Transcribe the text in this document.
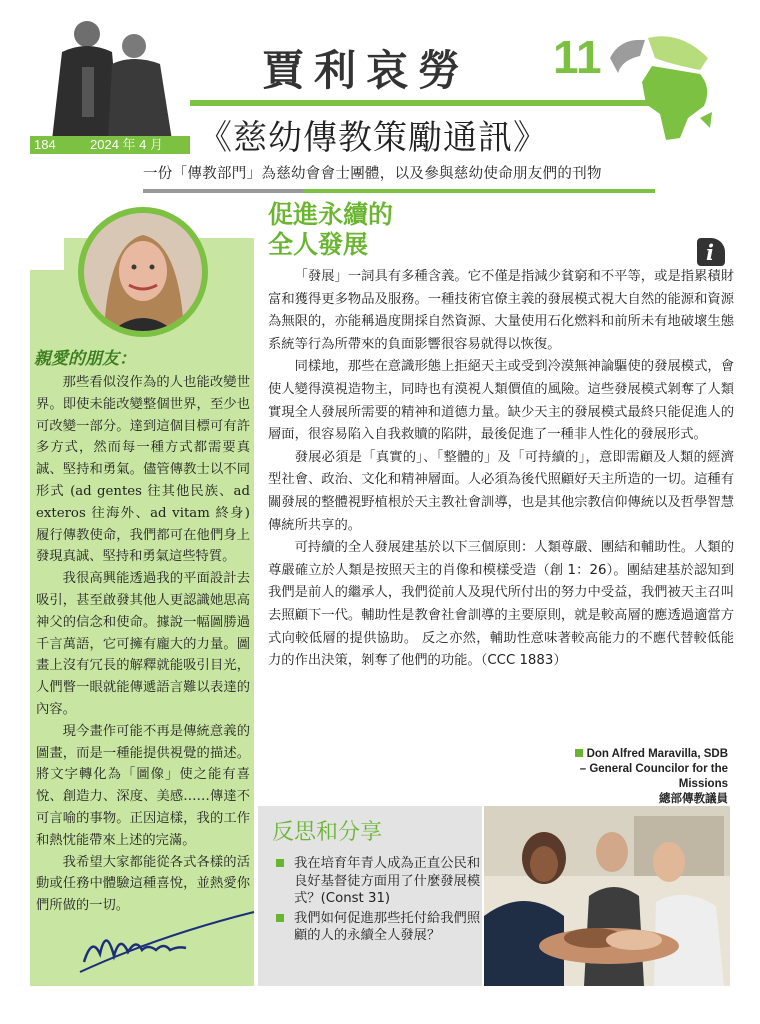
184	2024 年 4 月
賈利哀勞 11
《慈幼傳教策勵通訊》
一份「傳教部門」為慈幼會會士團體，以及參與慈幼使命朋友們的刊物
親愛的朋友：

那些看似沒作為的人也能改變世界。即使未能改變整個世界，至少也可改變一部分。達到這個目標可有許多方式，然而每一種方式都需要真誠、堅持和勇氣。儘管傳教士以不同形式 (ad gentes 往其他民族、ad exteros 往海外、ad vitam 終身) 履行傳教使命，我們都可在他們身上發現真誠、堅持和勇氣這些特質。

我很高興能透過我的平面設計去吸引，甚至啟發其他人更認識她思高神父的信念和使命。據說一幅圖勝過千言萬語，它可擁有龐大的力量。圖畫上沒有冗長的解釋就能吸引目光，人們瞥一眼就能傳遞語言難以表達的內容。

現今畫作可能不再是傳統意義的圖畫，而是一種能提供視覺的描述。將文字轉化為「圖像」使之能有喜悅、創造力、深度、美感……傳達不可言喻的事物。正因這樣，我的工作和熱忱能帶來上述的完滿。

我希望大家都能從各式各樣的活動或任務中體驗這種喜悅，並熱愛你們所做的一切。

促進永續的
全人發展	i

「發展」一詞具有多種含義。它不僅是指減少貧窮和不平等，或是指累積財富和獲得更多物品及服務。一種技術官僚主義的發展模式視大自然的能源和資源為無限的，亦能稱過度開採自然資源、大量使用石化燃料和前所未有地破壞生態系統等行為所帶來的負面影響很容易就得以恢復。

同樣地，那些在意識形態上拒絕天主或受到冷漠無神論驅使的發展模式，會使人變得漠視造物主，同時也有漠視人類價值的風險。這些發展模式剝奪了人類實現全人發展所需要的精神和道德力量。缺少天主的發展模式最終只能促進人的層面，很容易陷入自我救贖的陷阱，最後促進了一種非人性化的發展形式。

發展必須是「真實的」、「整體的」及「可持續的」，意即需顧及人類的經濟型社會、政治、文化和精神層面。人必須為後代照顧好天主所造的一切。這種有關發展的整體視野植根於天主教社會訓導，也是其他宗教信仰傳統以及哲學智慧傳統所共享的。

可持續的全人發展建基於以下三個原則：人類尊嚴、團結和輔助性。人類的尊嚴確立於人類是按照天主的肖像和模樣受造（創 1：26）。團結建基於認知到我們是前人的繼承人，我們從前人及現代所付出的努力中受益，我們被天主召叫去照顧下一代。輔助性是教會社會訓導的主要原則，就是較高層的應透過適當方式向較低層的提供協助。 反之亦然，輔助性意味著較高能力的不應代替較低能力的作出決策，剝奪了他們的功能。（CCC 1883）

Don Alfred Maravilla, SDB
– General Councilor for the
Missions
總部傳教議員
反思和分享
我在培育年青人成為正直公民和良好基督徒方面用了什麼發展模式？(Const 31)
我們如何促進那些托付給我們照顧的人的永續全人發展？
